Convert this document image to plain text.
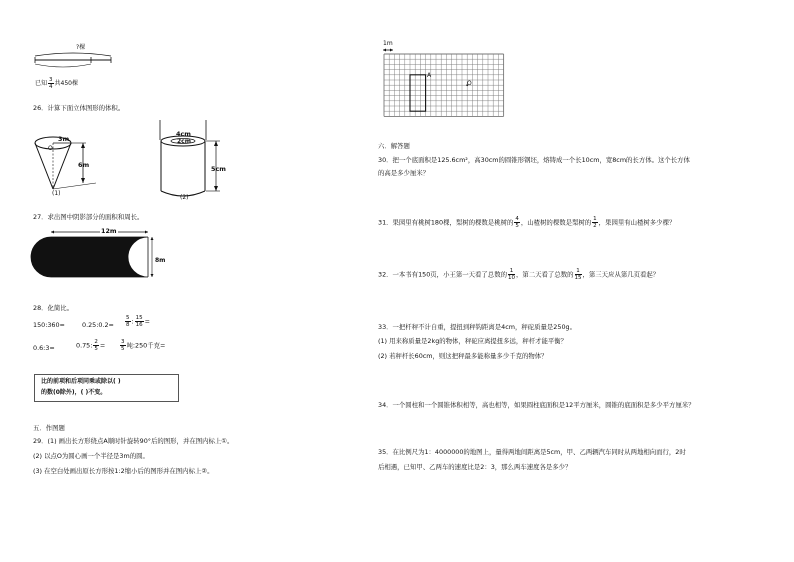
?棵
已知 $\frac{3}{4}$ 共450棵
26．计算下面立体图形的体积。
3m
O
6m
(1)
4cm
2cm
5cm
(2)
27．求出图中阴影部分的面积和周长。
12m
8m
28．化简比。
150:360=	0.25:0.2= $\frac{5}{8}$ : $\frac{15}{16}$ =
0.6:3=	0.75: $\frac{2}{5}$ =	$\frac{3}{5}$ 吨:250千克=
比的前项和后项同乘或除以( )
的数(0除外)，( )不变。
五．作图题
29．(1) 画出长方形绕点A顺时针旋转90°后的图形，并在图内标上①。
(2) 以点O为圆心画一个半径是3m的圆。
(3) 在空白处画出原长方形按1:2缩小后的图形并在图内标上②。
1m
A
O
六．解答题
30．把一个底面积是125.6cm²，高30cm的圆锥形钢坯，熔铸成一个长10cm，宽8cm的长方体。这个长方体
的高是多少厘米？
31．果园里有桃树180棵，梨树的棵数是桃树的 $\frac{4}{5}$ ，山楂树的棵数是梨树的 $\frac{1}{2}$ ，果园里有山楂树多少棵？
32．一本书有150页，小王第一天看了总数的 $\frac{1}{10}$ ，第二天看了总数的 $\frac{1}{15}$ ，第三天应从第几页看起？
33．一把杆秤不计自重，提扭到秤钩距离是4cm，秤砣质量是250g。
(1) 用来称质量是2kg的物体，秤砣应离提扭多远，秤杆才能平衡？
(2) 若秤杆长60cm，则这把秤最多能称量多少千克的物体？
34．一个圆柱和一个圆锥体积相等，高也相等，如果圆柱底面积是12平方厘米，圆锥的底面积是多少平方厘米？
35．在比例尺为1：4000000的地图上，量得两地间距离是5cm，甲、乙两辆汽车同时从两地相向而行，2时
后相遇，已知甲、乙两车的速度比是2：3，那么两车速度各是多少？
